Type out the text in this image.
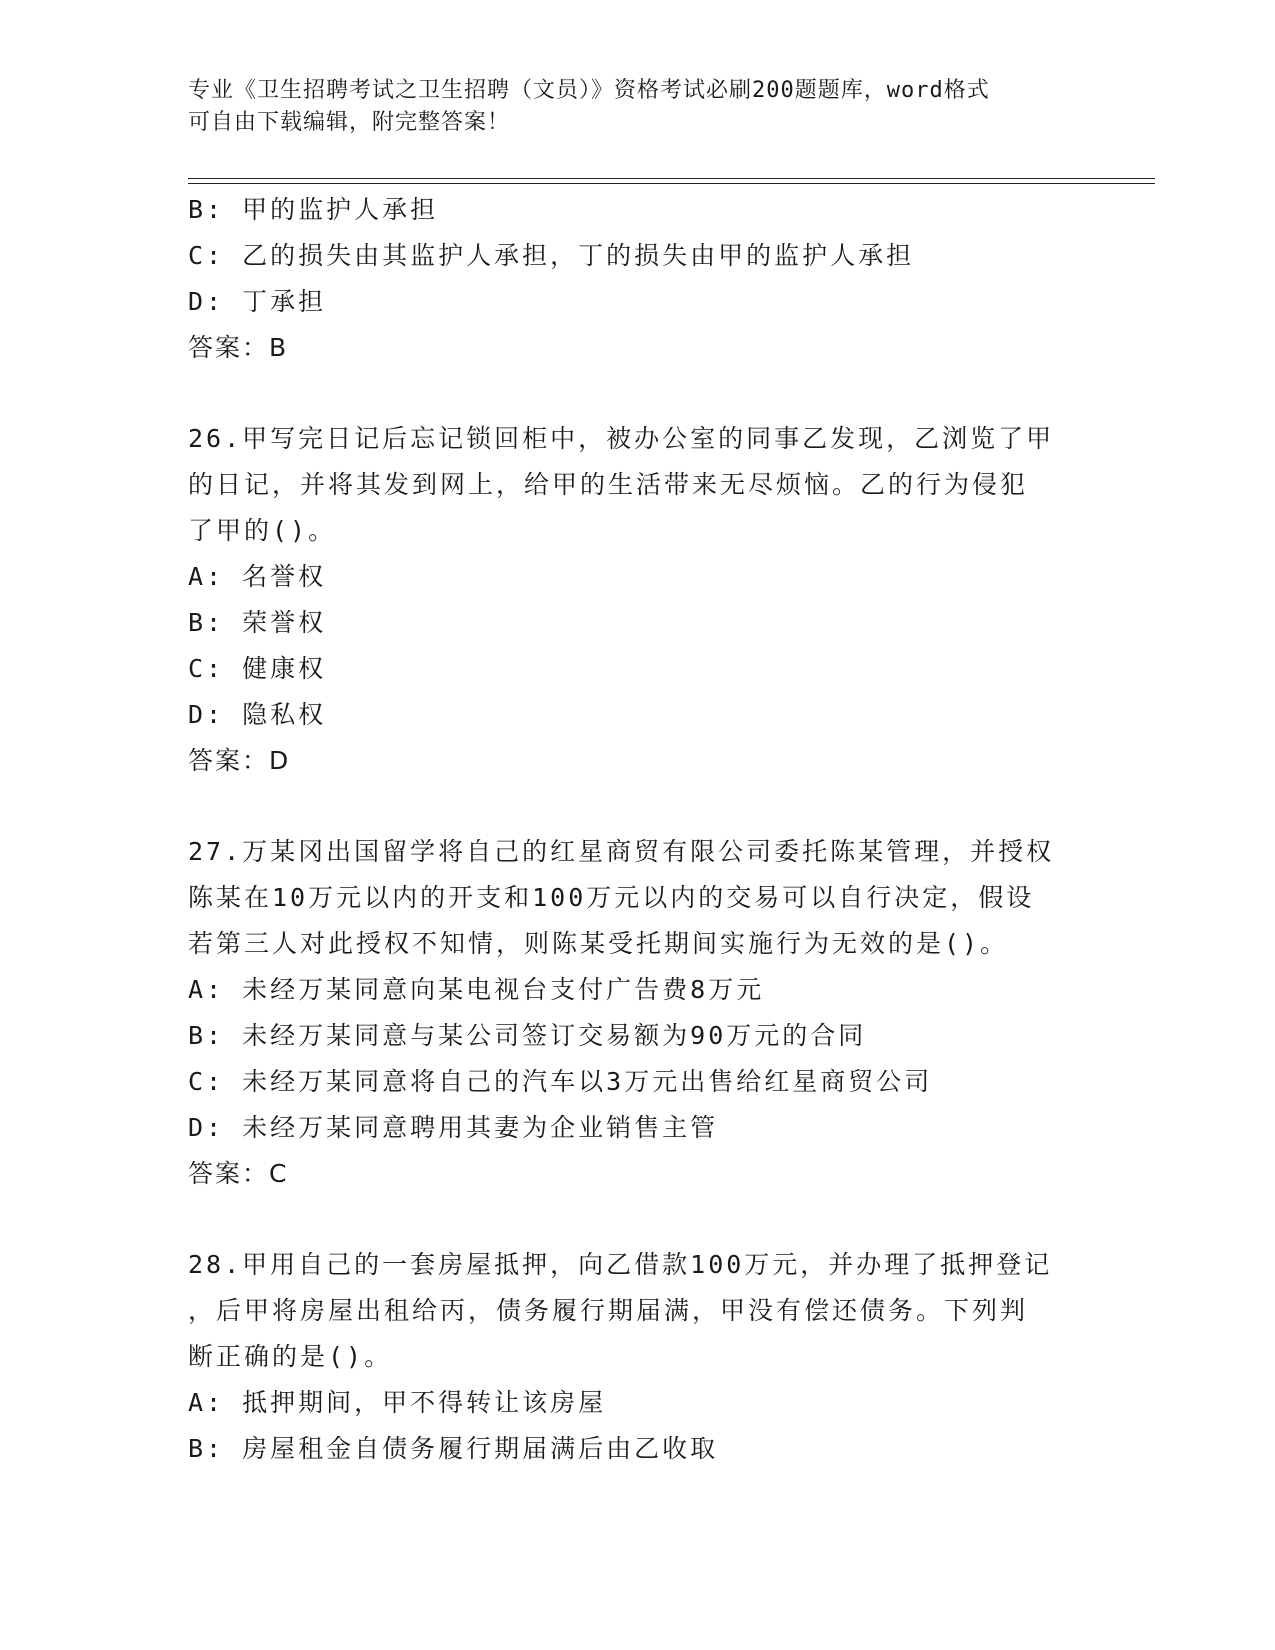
专业《卫生招聘考试之卫生招聘（文员）》资格考试必刷200题题库，word格式
可自由下载编辑，附完整答案！
B: 甲的监护人承担
C: 乙的损失由其监护人承担，丁的损失由甲的监护人承担
D: 丁承担
答案：B
26.甲写完日记后忘记锁回柜中，被办公室的同事乙发现，乙浏览了甲
的日记，并将其发到网上，给甲的生活带来无尽烦恼。乙的行为侵犯
了甲的()。
A: 名誉权
B: 荣誉权
C: 健康权
D: 隐私权
答案：D
27.万某冈出国留学将自己的红星商贸有限公司委托陈某管理，并授权
陈某在10万元以内的开支和100万元以内的交易可以自行决定，假设
若第三人对此授权不知情，则陈某受托期间实施行为无效的是()。
A: 未经万某同意向某电视台支付广告费8万元
B: 未经万某同意与某公司签订交易额为90万元的合同
C: 未经万某同意将自己的汽车以3万元出售给红星商贸公司
D: 未经万某同意聘用其妻为企业销售主管
答案：C
28.甲用自己的一套房屋抵押，向乙借款100万元，并办理了抵押登记
，后甲将房屋出租给丙，债务履行期届满，甲没有偿还债务。下列判
断正确的是()。
A: 抵押期间，甲不得转让该房屋
B: 房屋租金自债务履行期届满后由乙收取
